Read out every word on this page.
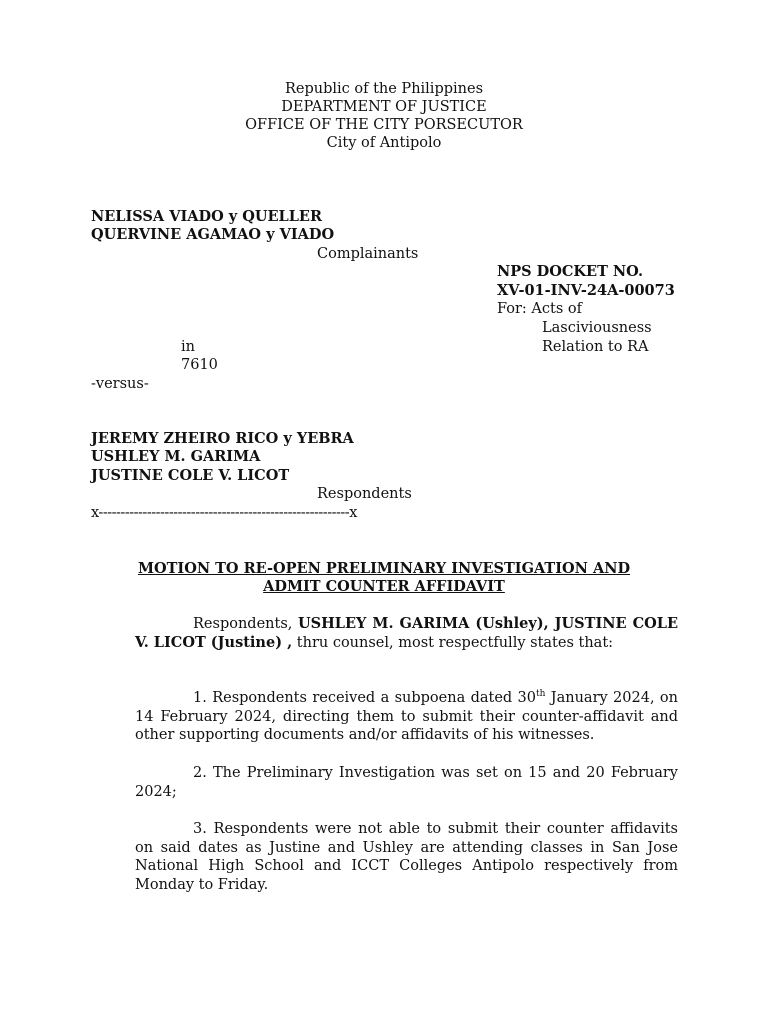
Republic of the Philippines
DEPARTMENT OF JUSTICE
OFFICE OF THE CITY PORSECUTOR
City of Antipolo
NELISSA VIADO y QUELLER
QUERVINE AGAMAO y VIADO
Complainants
NPS DOCKET NO.
XV-01-INV-24A-00073
For: Acts of
Lasciviousness
Relation to RA
in
7610
-versus-
JEREMY ZHEIRO RICO y YEBRA
USHLEY M. GARIMA
JUSTINE COLE V. LICOT
Respondents
x---------------------------------------------------------x
MOTION TO RE-OPEN PRELIMINARY INVESTIGATION AND
ADMIT COUNTER AFFIDAVIT
Respondents, USHLEY M. GARIMA (Ushley), JUSTINE COLE V. LICOT (Justine) , thru counsel, most respectfully states that:
1. Respondents received a subpoena dated 30th January 2024, on 14 February 2024, directing them to submit their counter-affidavit and other supporting documents and/or affidavits of his witnesses.
2. The Preliminary Investigation was set on 15 and 20 February 2024;
3. Respondents were not able to submit their counter affidavits on said dates as Justine and Ushley are attending classes in San Jose National High School and ICCT Colleges Antipolo respectively from Monday to Friday.
